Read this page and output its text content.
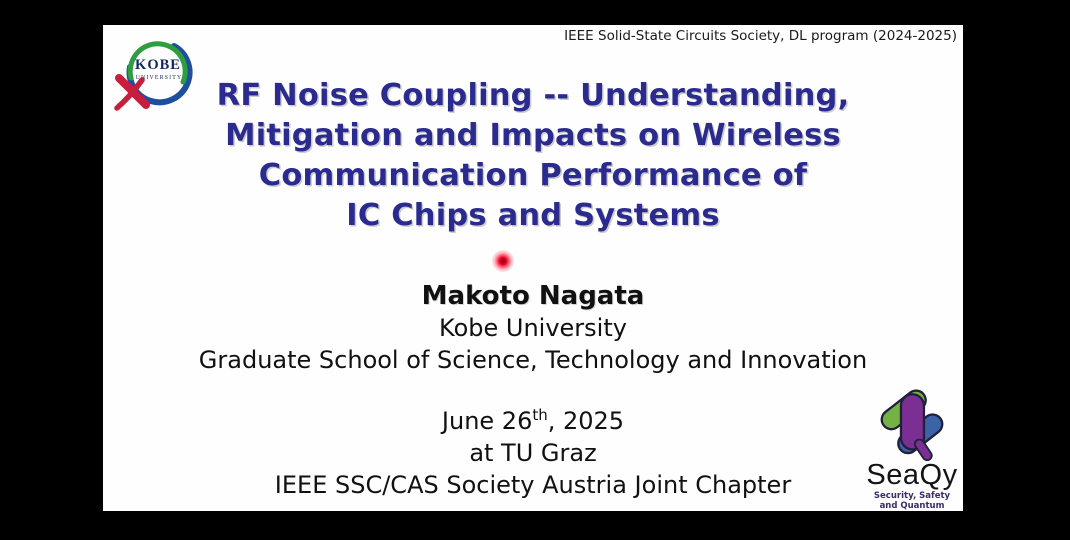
IEEE Solid-State Circuits Society, DL program (2024-2025)
KOBE
UNIVERSITY	RF Noise Coupling -- Understanding,
Mitigation and Impacts on Wireless
Communication Performance of
IC Chips and Systems
Makoto Nagata
Kobe University
Graduate School of Science, Technology and Innovation
June 26th, 2025
at TU Graz
IEEE SSC/CAS Society Austria Joint Chapter	SeaQy
Security, Safety
and Quantum
